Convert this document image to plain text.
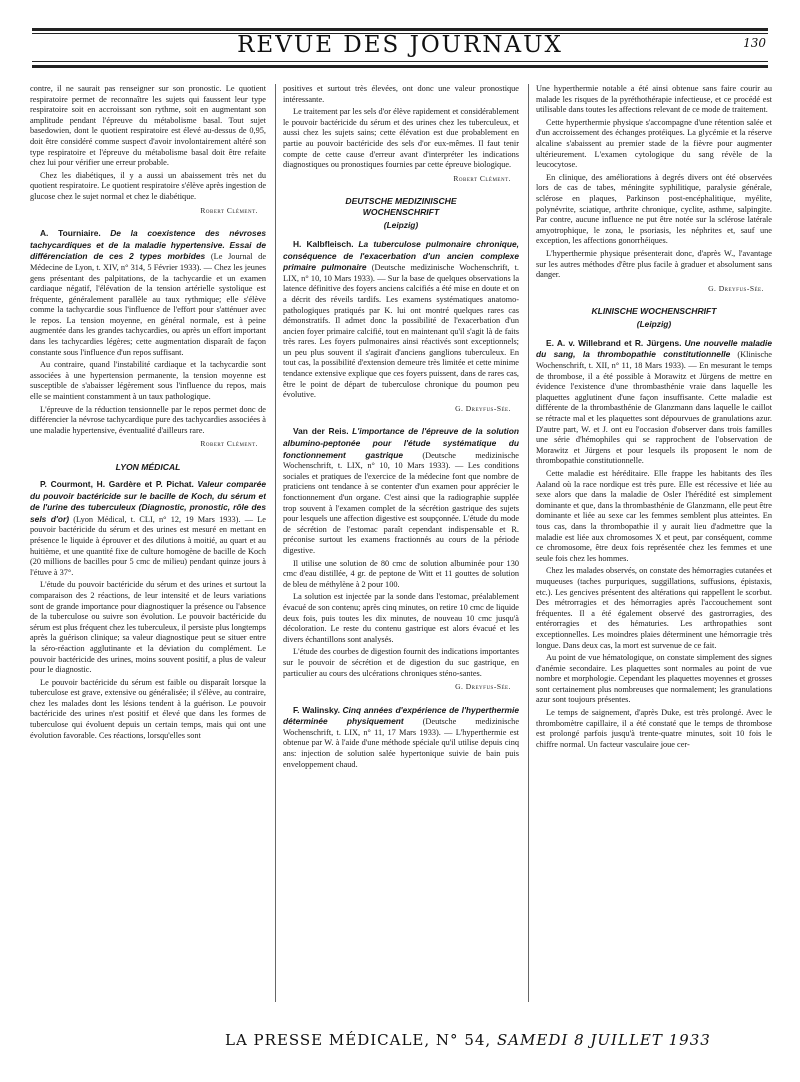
REVUE DES JOURNAUX	130

contre, il ne saurait pas renseigner sur son pronostic. Le quotient respiratoire permet de reconnaître les sujets qui faussent leur type respiratoire soit en accroissant son rythme, soit en augmentant son amplitude pendant l'épreuve du métabolisme basal. Tout sujet basedowien, dont le quotient respiratoire est élevé au-dessus de 0,95, doit être considéré comme suspect d'avoir involontairement altéré son type respiratoire et l'épreuve du métabolisme basal doit être refaite chez lui pour vérifier une erreur probable.

Chez les diabétiques, il y a aussi un abaissement très net du quotient respiratoire. Le quotient respiratoire s'élève après ingestion de glucose chez le sujet normal et chez le diabétique.

Robert Clément.

A. Tourniaire. De la coexistence des névroses tachycardiques et de la maladie hypertensive. Essai de différenciation de ces 2 types morbides (Le Journal de Médecine de Lyon, t. XIV, n° 314, 5 Février 1933). — Chez les jeunes gens présentant des palpitations, de la tachycardie et un examen cardiaque négatif, l'élévation de la tension artérielle systolique est fréquente, généralement parallèle au taux rythmique; elle s'élève comme la tachycardie sous l'influence de l'effort pour s'atténuer avec le repos. La tension moyenne, en général normale, est à peine augmentée dans les grandes tachycardies, ou après un effort important dans les tachycardies légères; cette augmentation disparaît de façon constante sous l'influence d'un repos suffisant.

Au contraire, quand l'instabilité cardiaque et la tachycardie sont associées à une hypertension permanente, la tension moyenne est susceptible de s'abaisser légèrement sous l'influence du repos, mais elle se maintient constamment à un taux pathologique.

L'épreuve de la réduction tensionnelle par le repos permet donc de différencier la névrose tachycardique pure des tachycardies associées à une maladie hypertensive, éventualité d'ailleurs rare.

Robert Clément.
LYON MÉDICAL

P. Courmont, H. Gardère et P. Pichat. Valeur comparée du pouvoir bactéricide sur le bacille de Koch, du sérum et de l'urine des tuberculeux (Diagnostic, pronostic, rôle des sels d'or) (Lyon Médical, t. CLI, n° 12, 19 Mars 1933). — Le pouvoir bactéricide du sérum et des urines est mesuré en mettant en présence le liquide à éprouver et des dilutions à moitié, au quart et au huitième, et une quantité fixe de culture homogène de bacille de Koch (20 millions de bacilles pour 5 cmc de milieu) pendant quinze jours à l'étuve à 37°.

L'étude du pouvoir bactéricide du sérum et des urines et surtout la comparaison des 2 réactions, de leur intensité et de leurs variations sont de grande importance pour diagnostiquer la présence ou l'absence de la tuberculose ou suivre son évolution. Le pouvoir bactéricide du sérum est plus fréquent chez les tuberculeux, il persiste plus longtemps après la guérison clinique; sa valeur diagnostique peut se situer entre la séro-réaction agglutinante et la déviation du complément. Le pouvoir bactéricide des urines, moins souvent positif, a plus de valeur pour le diagnostic.

Le pouvoir bactéricide du sérum est faible ou disparaît lorsque la tuberculose est grave, extensive ou généralisée; il s'élève, au contraire, chez les malades dont les lésions tendent à la guérison. Le pouvoir bactéricide des urines n'est positif et élevé que dans les formes de tuberculose qui évoluent depuis un certain temps, mais qui ont une évolution favorable. Ces réactions, lorsqu'elles sont

positives et surtout très élevées, ont donc une valeur pronostique intéressante.

Le traitement par les sels d'or élève rapidement et considérablement le pouvoir bactéricide du sérum et des urines chez les tuberculeux, et aussi chez les sujets sains; cette élévation est due probablement en partie au pouvoir bactéricide des sels d'or eux-mêmes. Il faut tenir compte de cette cause d'erreur avant d'interpréter les indications diagnostiques ou pronostiques fournies par cette épreuve biologique.

Robert Clément.
DEUTSCHE MEDIZINISCHE
WOCHENSCHRIFT
(Leipzig)

H. Kalbfleisch. La tuberculose pulmonaire chronique, conséquence de l'exacerbation d'un ancien complexe primaire pulmonaire (Deutsche medizinische Wochenschrift, t. LIX, n° 10, 10 Mars 1933). — Sur la base de quelques observations la latence définitive des foyers anciens calcifiés a été mise en doute et on a décrit des réveils tardifs. Les examens systématiques anatomo-pathologiques pratiqués par K. lui ont montré quelques rares cas démonstratifs. Il admet donc la possibilité de l'exacerbation d'un ancien foyer primaire calcifié, tout en maintenant qu'il s'agit là de faits très rares. Les foyers pulmonaires ainsi réactivés sont exceptionnels; un peu plus souvent il s'agirait d'anciens ganglions tuberculeux. En tout cas, la possibilité d'extension demeure très limitée et cette minime tendance extensive explique que ces foyers puissent, dans de rares cas, être le point de départ de tuberculose chronique du poumon peu évolutive.

G. Dreyfus-Sée.

Van der Reis. L'importance de l'épreuve de la solution albumino-peptonée pour l'étude systématique du fonctionnement gastrique (Deutsche medizinische Wochenschrift, t. LIX, n° 10, 10 Mars 1933). — Les conditions sociales et pratiques de l'exercice de la médecine font que nombre de praticiens ont tendance à se contenter d'un examen pour apprécier le fonctionnement d'un organe. C'est ainsi que la radiographie supplée trop souvent à l'examen complet de la sécrétion gastrique des sujets pour lesquels une affection digestive est soupçonnée. L'étude du mode de sécrétion de l'estomac paraît cependant indispensable et R. préconise surtout les examens fractionnés au cours de la période digestive.

Il utilise une solution de 80 cmc de solution albuminée pour 130 cmc d'eau distillée, 4 gr. de peptone de Witt et 11 gouttes de solution de bleu de méthylène à 2 pour 100.

La solution est injectée par la sonde dans l'estomac, préalablement évacué de son contenu; après cinq minutes, on retire 10 cmc de liquide deux fois, puis toutes les dix minutes, de nouveau 10 cmc jusqu'à décoloration. Le reste du contenu gastrique est alors évacué et les divers échantillons sont analysés.

L'étude des courbes de digestion fournit des indications importantes sur le pouvoir de sécrétion et de digestion du suc gastrique, en particulier au cours des ulcérations chroniques sténo-santes.

G. Dreyfus-Sée.

F. Walinsky. Cinq années d'expérience de l'hyperthermie déterminée physiquement (Deutsche medizinische Wochenschrift, t. LIX, n° 11, 17 Mars 1933). — L'hyperthermie est obtenue par W. à l'aide d'une méthode spéciale qu'il utilise depuis cinq ans: injection de solution salée hypertonique suivie de bain puis enveloppement chaud.

Une hyperthermie notable a été ainsi obtenue sans faire courir au malade les risques de la pyréthothérapie infectieuse, et ce procédé est utilisable dans toutes les affections relevant de ce mode de traitement.

Cette hyperthermie physique s'accompagne d'une rétention salée et d'un accroissement des échanges protéiques. La glycémie et la réserve alcaline s'abaissent au premier stade de la fièvre pour augmenter ultérieurement. L'examen cytologique du sang révèle de la leucocytose.

En clinique, des améliorations à degrés divers ont été observées lors de cas de tabes, méningite syphilitique, paralysie générale, sclérose en plaques, Parkinson post-encéphalitique, myélite, polynévrite, sciatique, arthrite chronique, cyclite, asthme, salpingite. Par contre, aucune influence ne put être notée sur la sclérose latérale amyotrophique, le zona, le psoriasis, les néphrites et, sauf une exception, les affections gonorrhéiques.

L'hyperthermie physique présenterait donc, d'après W., l'avantage sur les autres méthodes d'être plus facile à graduer et absolument sans danger.

G. Dreyfus-Sée.
KLINISCHE WOCHENSCHRIFT
(Leipzig)

E. A. v. Willebrand et R. Jürgens. Une nouvelle maladie du sang, la thrombopathie constitutionnelle (Klinische Wochenschrift, t. XII, n° 11, 18 Mars 1933). — En mesurant le temps de thrombose, il a été possible à Morawitz et Jürgens de mettre en évidence l'existence d'une thrombasthénie vraie dans laquelle les plaquettes agglutinent d'une façon insuffisante. Cette maladie est différente de la thrombasthénie de Glanzmann dans laquelle le caillot se rétracte mal et les plaquettes sont dépourvues de granulations azur. D'autre part, W. et J. ont eu l'occasion d'observer dans trois familles une série d'hémophiles qui se rapprochent de l'observation de Morawitz et Jürgens et pour lesquels ils proposent le nom de thrombopathie constitutionnelle.

Cette maladie est héréditaire. Elle frappe les habitants des îles Aaland où la race nordique est très pure. Elle est récessive et liée au sexe alors que dans la maladie de Osler l'hérédité est simplement dominante et que, dans la thrombasthénie de Glanzmann, elle peut être dominante et liée au sexe car les femmes semblent plus atteintes. En tous cas, dans la thrombopathie il y aurait lieu d'admettre que la maladie est liée aux chromosomes X et peut, par conséquent, comme ce chromosome, être deux fois représentée chez les femmes et une seule fois chez les hommes.

Chez les malades observés, on constate des hémorragies cutanées et muqueuses (taches purpuriques, suggillations, suffusions, épistaxis, etc.). Les gencives présentent des altérations qui rappellent le scorbut. Des métrorragies et des hémorragies après l'accouchement sont fréquentes. Il a été également observé des gastrorragies, des entérorragies et des hématuries. Les arthropathies sont exceptionnelles. Les moindres plaies déterminent une hémorragie très longue. Dans deux cas, la mort est survenue de ce fait.

Au point de vue hématologique, on constate simplement des signes d'anémie secondaire. Les plaquettes sont normales au point de vue nombre et morphologie. Cependant les plaquettes moyennes et grosses sont certainement plus nombreuses que normalement; les granulations azur sont toujours présentes.

Le temps de saignement, d'après Duke, est très prolongé. Avec le thrombomètre capillaire, il a été constaté que le temps de thrombose est prolongé parfois jusqu'à trente-quatre minutes, soit 10 fois le chiffre normal. Un facteur vasculaire joue cer-

LA PRESSE MÉDICALE, N° 54, SAMEDI 8 JUILLET 1933
